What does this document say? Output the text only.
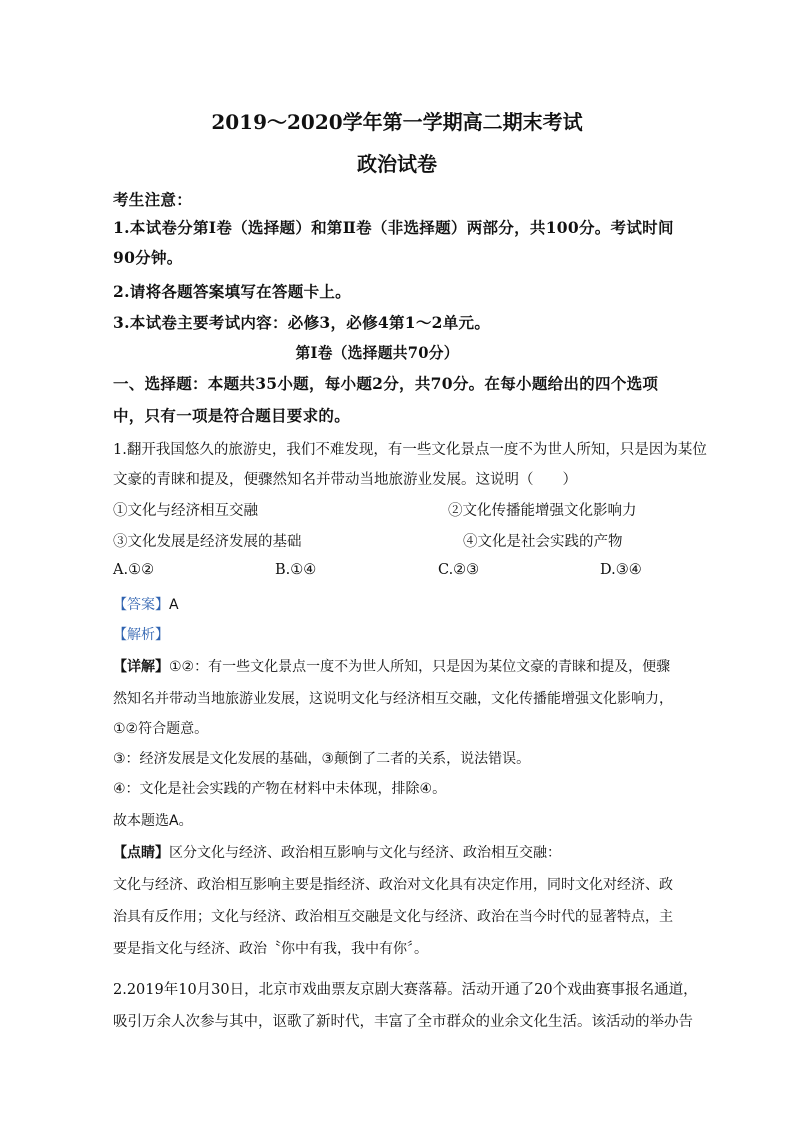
2019～2020学年第一学期高二期末考试
政治试卷
考生注意：
1.本试卷分第Ⅰ卷（选择题）和第Ⅱ卷（非选择题）两部分，共100分。考试时间
90分钟。
2.请将各题答案填写在答题卡上。
3.本试卷主要考试内容：必修3，必修4第1～2单元。
第Ⅰ卷（选择题共70分）
一、选择题：本题共35小题，每小题2分，共70分。在每小题给出的四个选项
中，只有一项是符合题目要求的。
1.翻开我国悠久的旅游史，我们不难发现，有一些文化景点一度不为世人所知，只是因为某位
文豪的青睐和提及，便骤然知名并带动当地旅游业发展。这说明（　　）
①文化与经济相互交融	②文化传播能增强文化影响力
③文化发展是经济发展的基础	④文化是社会实践的产物
A.①②	B.①④	C.②③	D.③④
【答案】A
【解析】
【详解】①②：有一些文化景点一度不为世人所知，只是因为某位文豪的青睐和提及，便骤
然知名并带动当地旅游业发展，这说明文化与经济相互交融，文化传播能增强文化影响力，
①②符合题意。
③：经济发展是文化发展的基础，③颠倒了二者的关系，说法错误。
④：文化是社会实践的产物在材料中未体现，排除④。
故本题选A。
【点睛】区分文化与经济、政治相互影响与文化与经济、政治相互交融：
文化与经济、政治相互影响主要是指经济、政治对文化具有决定作用，同时文化对经济、政
治具有反作用；文化与经济、政治相互交融是文化与经济、政治在当今时代的显著特点，主
要是指文化与经济、政治〝你中有我，我中有你〞。
2.2019年10月30日，北京市戏曲票友京剧大赛落幕。活动开通了20个戏曲赛事报名通道，
吸引万余人次参与其中，讴歌了新时代，丰富了全市群众的业余文化生活。该活动的举办告
